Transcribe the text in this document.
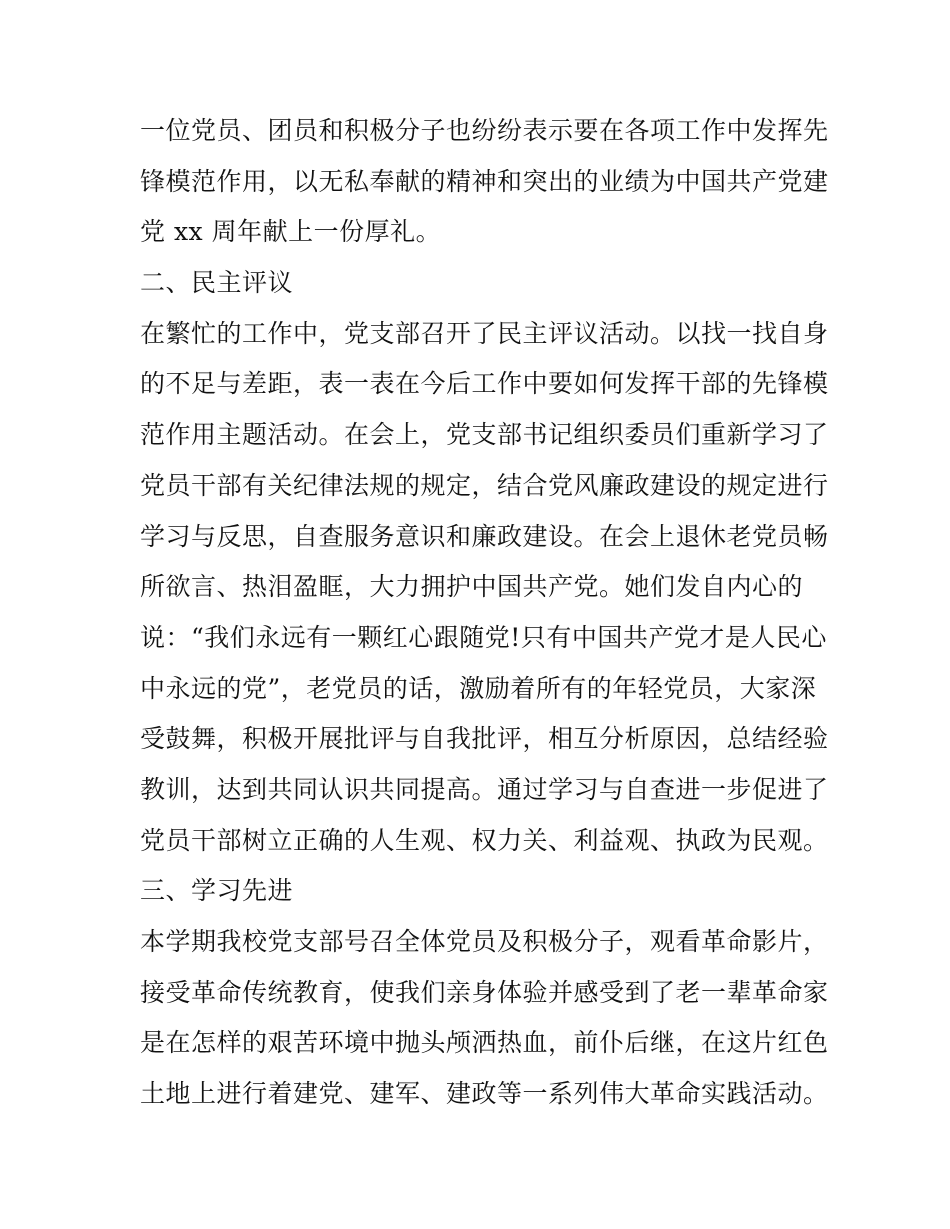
一位党员、团员和积极分子也纷纷表示要在各项工作中发挥先
锋模范作用，以无私奉献的精神和突出的业绩为中国共产党建
党 xx 周年献上一份厚礼。
二、民主评议
在繁忙的工作中，党支部召开了民主评议活动。以找一找自身
的不足与差距，表一表在今后工作中要如何发挥干部的先锋模
范作用主题活动。在会上，党支部书记组织委员们重新学习了
党员干部有关纪律法规的规定，结合党风廉政建设的规定进行
学习与反思，自查服务意识和廉政建设。在会上退休老党员畅
所欲言、热泪盈眶，大力拥护中国共产党。她们发自内心的
说：“我们永远有一颗红心跟随党!只有中国共产党才是人民心
中永远的党”，老党员的话，激励着所有的年轻党员，大家深
受鼓舞，积极开展批评与自我批评，相互分析原因，总结经验
教训，达到共同认识共同提高。通过学习与自查进一步促进了
党员干部树立正确的人生观、权力关、利益观、执政为民观。
三、学习先进
本学期我校党支部号召全体党员及积极分子，观看革命影片，
接受革命传统教育，使我们亲身体验并感受到了老一辈革命家
是在怎样的艰苦环境中抛头颅洒热血，前仆后继，在这片红色
土地上进行着建党、建军、建政等一系列伟大革命实践活动。
